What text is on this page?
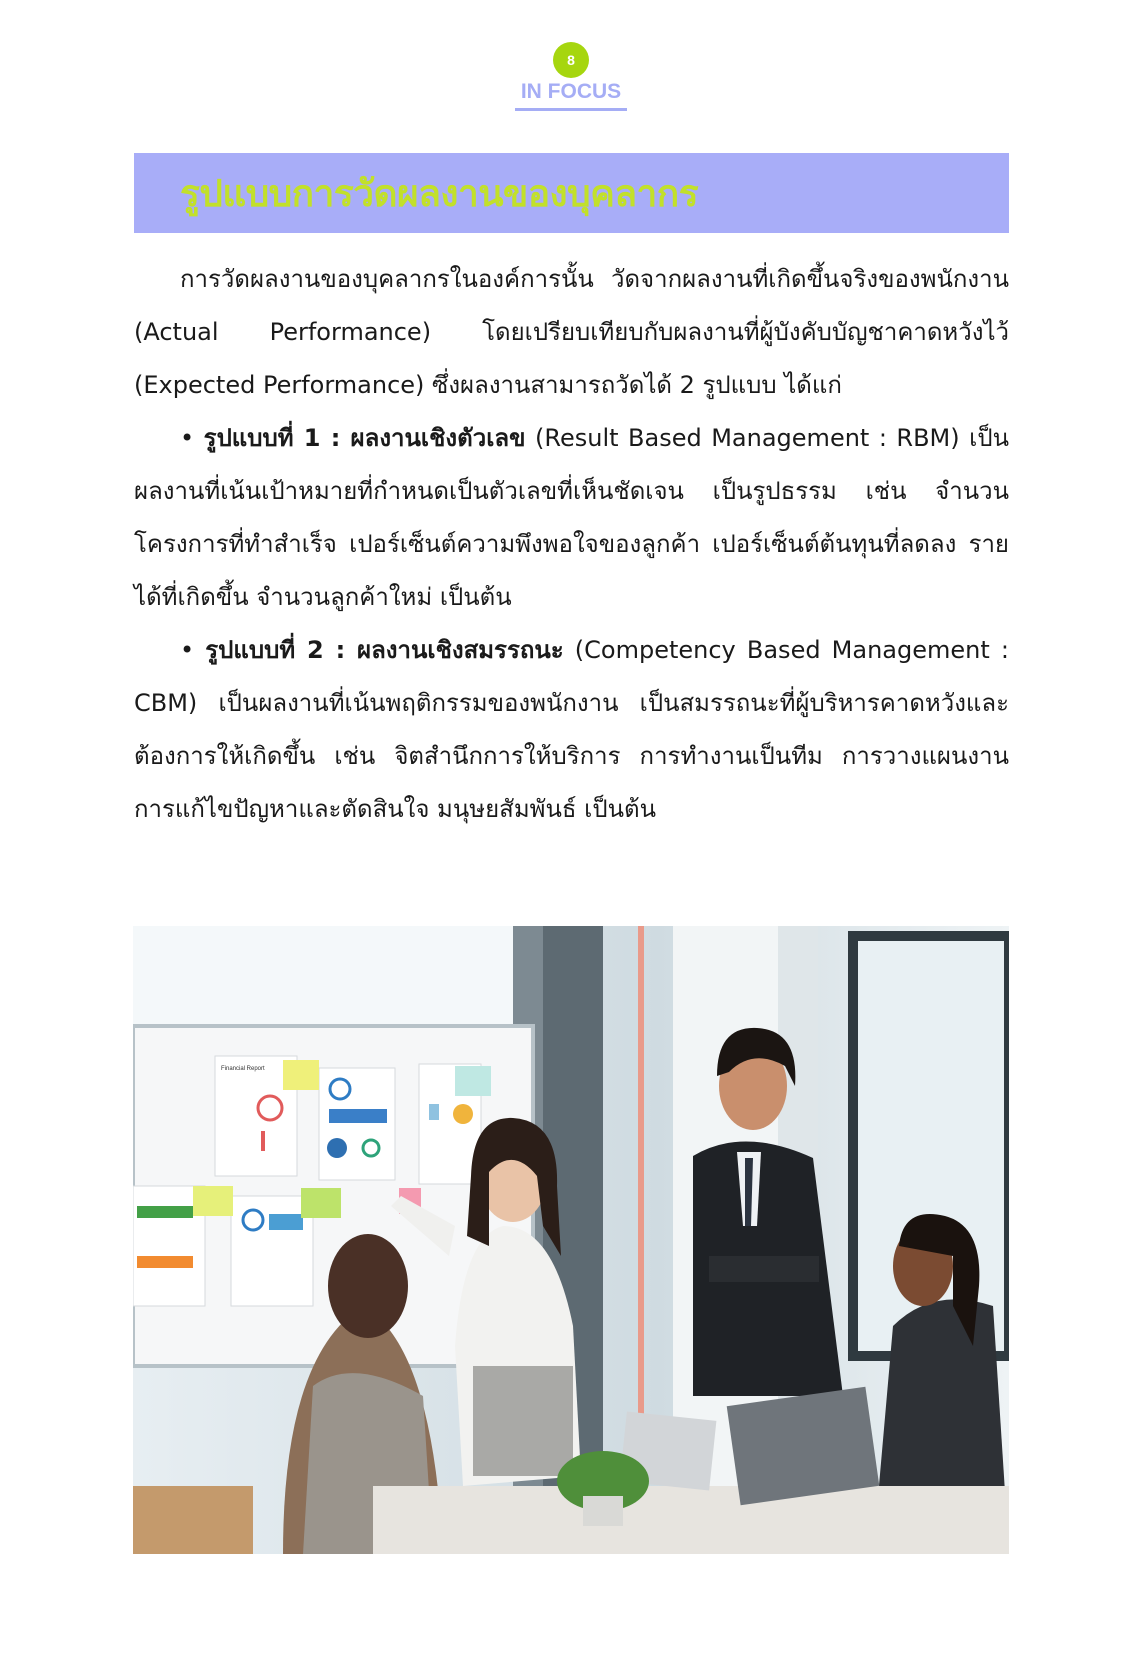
8
IN FOCUS
รูปแบบการวัดผลงานของบุคลากร

การวัดผลงานของบุคลากรในองค์การนั้น วัดจากผลงานที่เกิดขึ้นจริงของพนักงาน (Actual Performance) โดยเปรียบเทียบกับผลงานที่ผู้บังคับบัญชาคาดหวังไว้ (Expected Performance) ซึ่งผลงานสามารถวัดได้ 2 รูปแบบ ได้แก่

• รูปแบบที่ 1 : ผลงานเชิงตัวเลข (Result Based Management : RBM) เป็นผลงานที่เน้นเป้าหมายที่กำหนดเป็นตัวเลขที่เห็นชัดเจน เป็นรูปธรรม เช่น จำนวนโครงการที่ทำสำเร็จ เปอร์เซ็นต์ความพึงพอใจของลูกค้า เปอร์เซ็นต์ต้นทุนที่ลดลง รายได้ที่เกิดขึ้น จำนวนลูกค้าใหม่ เป็นต้น

• รูปแบบที่ 2 : ผลงานเชิงสมรรถนะ (Competency Based Management : CBM) เป็นผลงานที่เน้นพฤติกรรมของพนักงาน เป็นสมรรถนะที่ผู้บริหารคาดหวังและต้องการให้เกิดขึ้น เช่น จิตสำนึกการให้บริการ การทำงานเป็นทีม การวางแผนงาน การแก้ไขปัญหาและตัดสินใจ มนุษยสัมพันธ์ เป็นต้น

Financial Report
